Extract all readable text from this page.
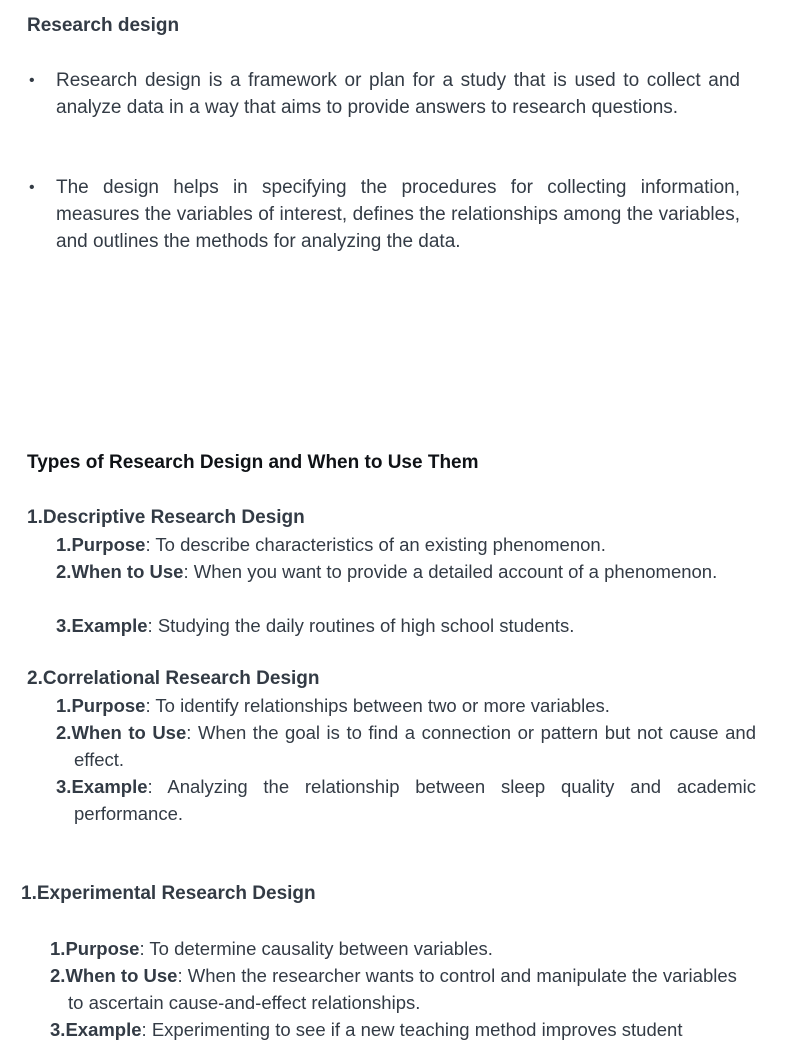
Research design
• Research design is a framework or plan for a study that is used to collect and analyze data in a way that aims to provide answers to research questions.
• The design helps in specifying the procedures for collecting information, measures the variables of interest, defines the relationships among the variables, and outlines the methods for analyzing the data.
Types of Research Design and When to Use Them
1.Descriptive Research Design
1.Purpose: To describe characteristics of an existing phenomenon.
2.When to Use: When you want to provide a detailed account of a phenomenon.
3.Example: Studying the daily routines of high school students.
2.Correlational Research Design
1.Purpose: To identify relationships between two or more variables.
2.When to Use: When the goal is to find a connection or pattern but not cause and effect.
3.Example: Analyzing the relationship between sleep quality and academic performance.
1.Experimental Research Design
1.Purpose: To determine causality between variables.
2.When to Use: When the researcher wants to control and manipulate the variables to ascertain cause-and-effect relationships.
3.Example: Experimenting to see if a new teaching method improves student
